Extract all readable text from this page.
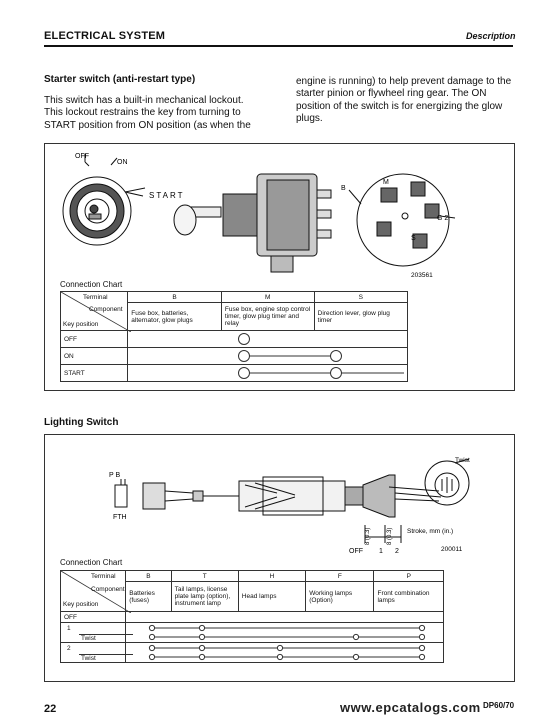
ELECTRICAL SYSTEM	Description
Starter switch (anti-restart type)
This switch has a built-in mechanical lockout.
This lockout restrains the key from turning to
START position from ON position (as when the
engine is running) to help prevent damage to the
starter pinion or flywheel ring gear. The ON
position of the switch is for energizing the glow
plugs.
OFF
ON
START
B
M
G 2
S
203561
Connection Chart
Terminal
Component
Key position	B	M	S
	Fuse box, batteries, alternator, glow plugs	Fuse box, engine stop control timer, glow plug timer and relay	Direction lever, glow plug timer
OFF	

ON	

START	
Lighting Switch
P B
FTH
Twist
Stroke, mm (in.)
8 (0.3)	8 (0.3)
OFF 1 2	200011
Connection Chart
Terminal
Component
Key position	B	T	H	F	P
	Batteries (fuses)	Tail lamps, license plate lamp (option), instrument lamp	Head lamps	Working lamps (Option)	Front combination lamps
OFF					

1
Twist

2
Twist

22	www.epcatalogs.com DP60/70
